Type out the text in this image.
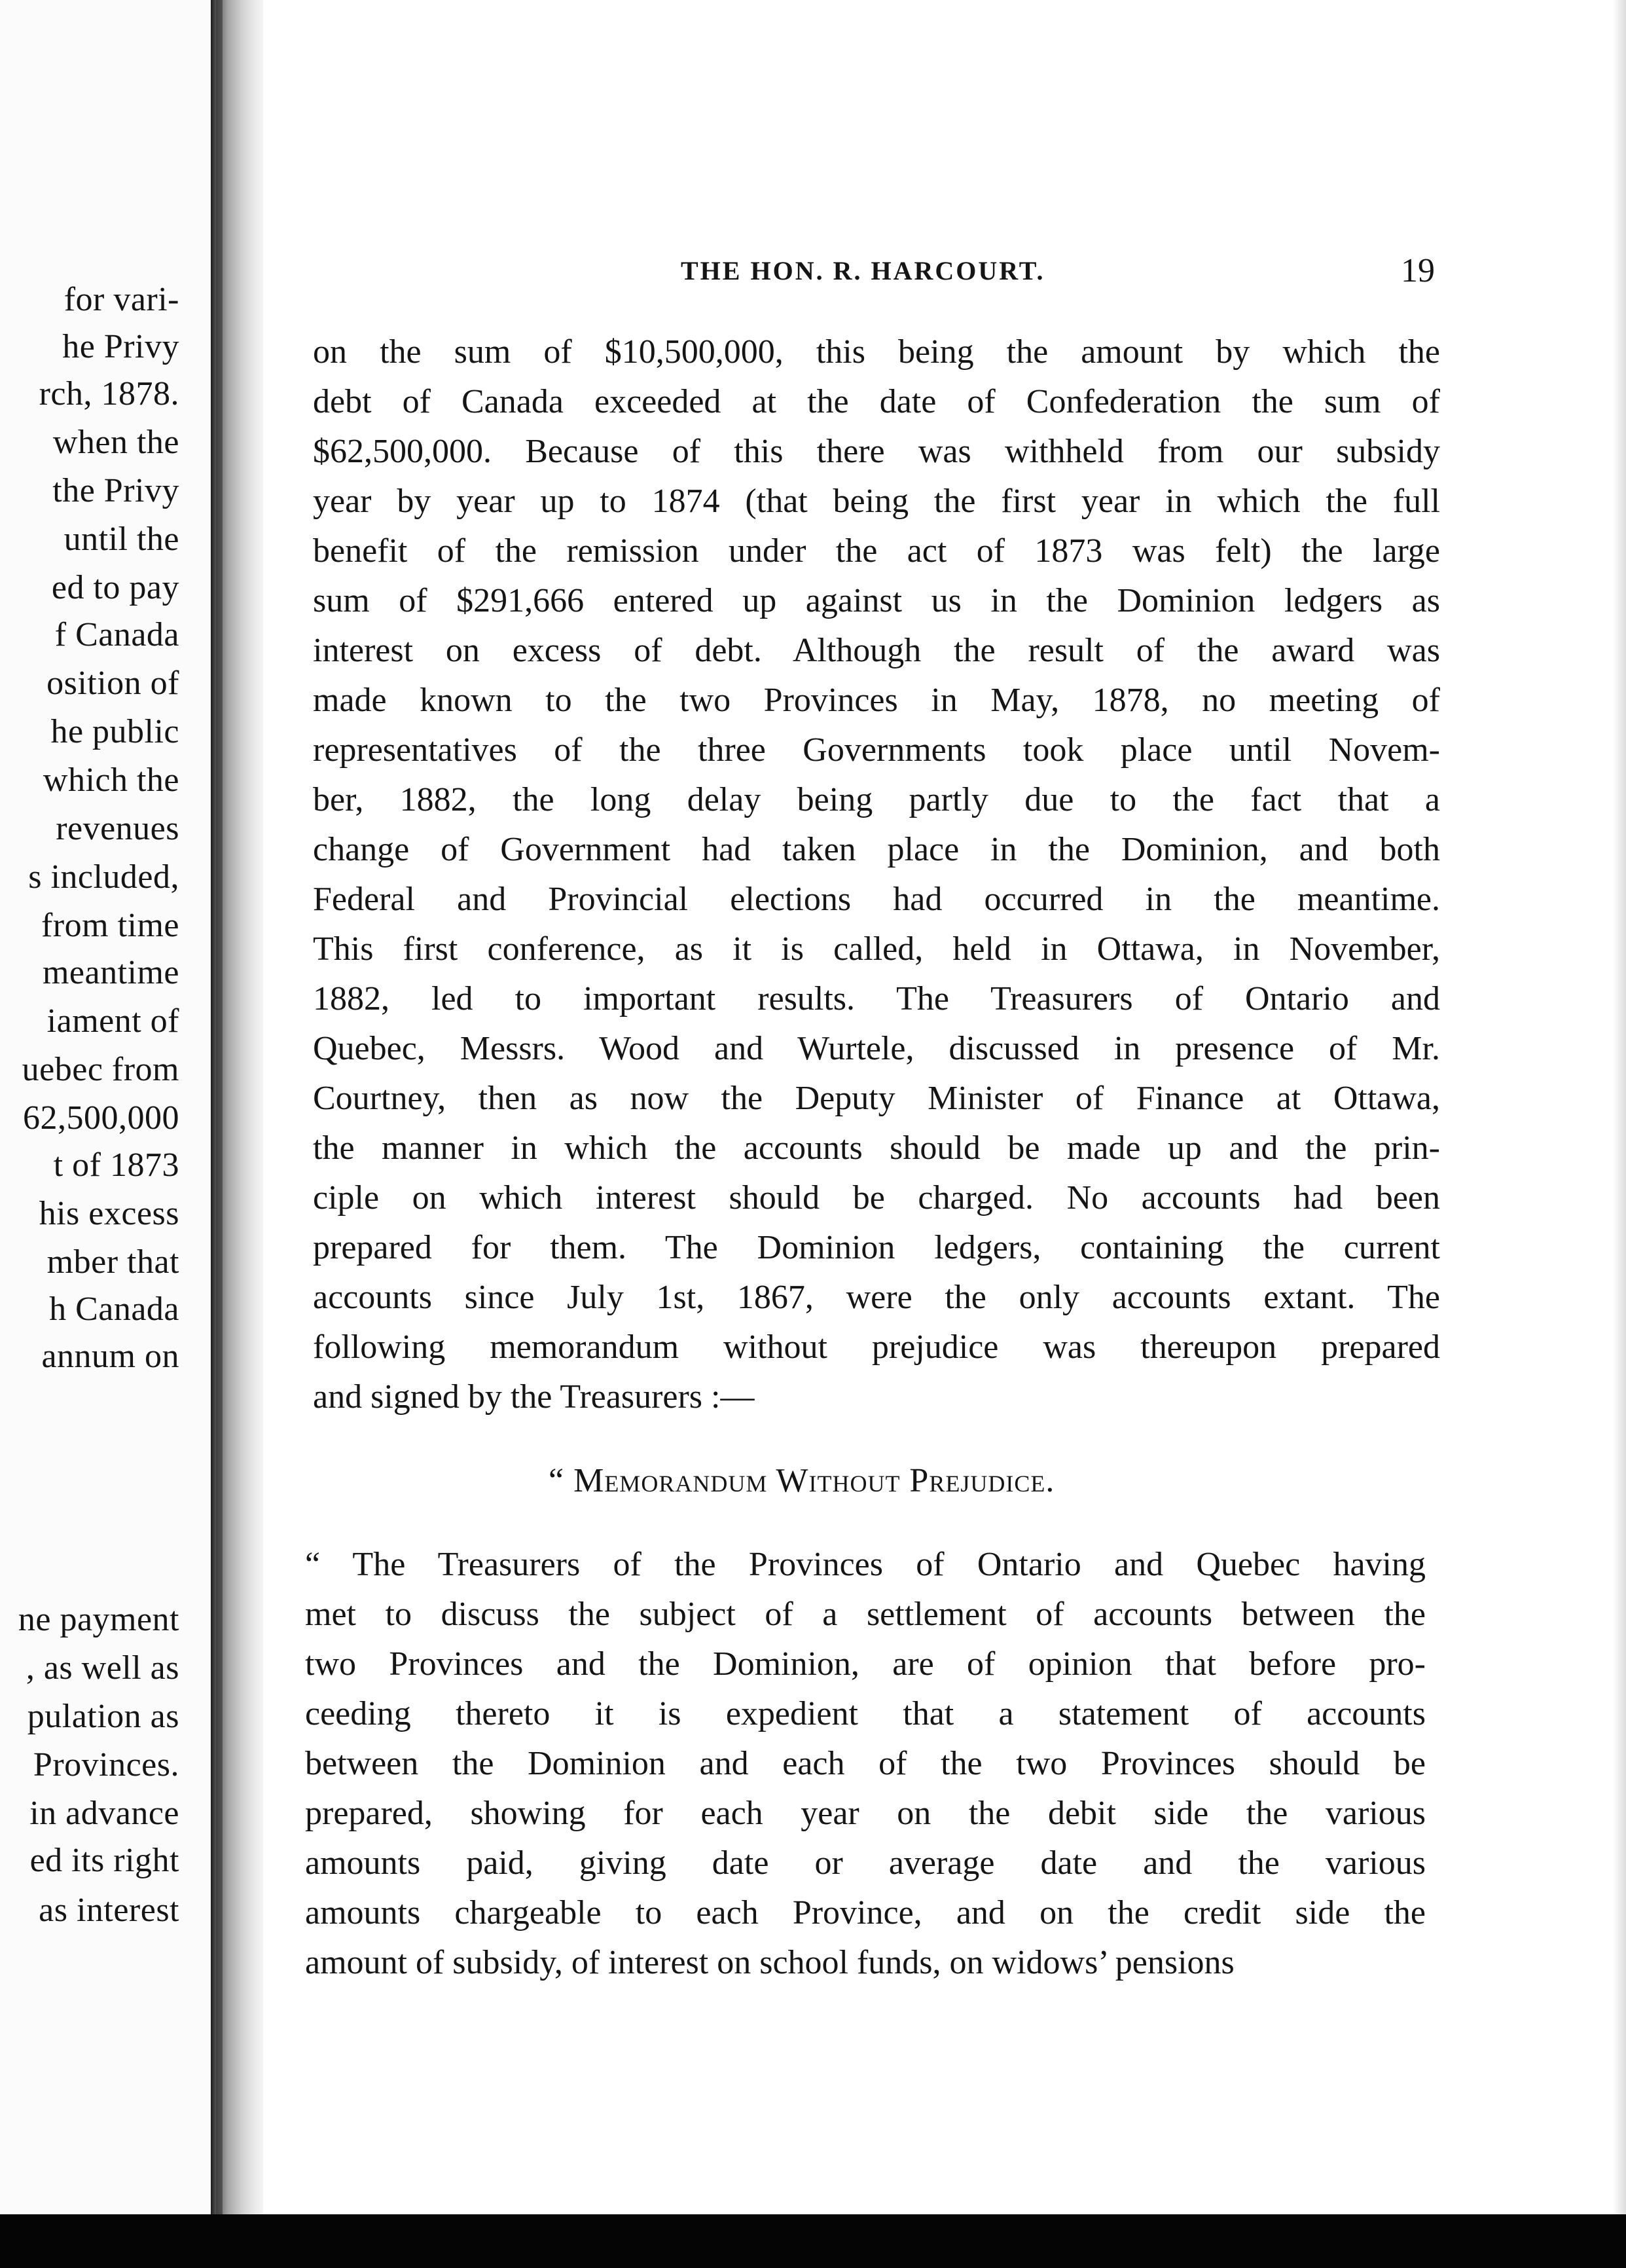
for vari-
he Privy
rch, 1878.
when the
the Privy
until the
ed to pay
f Canada
osition of
he public
which the
revenues
s included,
from time
meantime
iament of
uebec from
62,500,000
t of 1873
his excess
mber that
h Canada
annum on
ne payment
, as well as
pulation as
Provinces.
in advance
ed its right
as interest
THE HON. R. HARCOURT.	19
on the sum of $10,500,000, this being the amount by which the
debt of Canada exceeded at the date of Confederation the sum of
$62,500,000. Because of this there was withheld from our subsidy
year by year up to 1874 (that being the first year in which the full
benefit of the remission under the act of 1873 was felt) the large
sum of $291,666 entered up against us in the Dominion ledgers as
interest on excess of debt. Although the result of the award was
made known to the two Provinces in May, 1878, no meeting of
representatives of the three Governments took place until Novem-
ber, 1882, the long delay being partly due to the fact that a
change of Government had taken place in the Dominion, and both
Federal and Provincial elections had occurred in the meantime.
This first conference, as it is called, held in Ottawa, in November,
1882, led to important results. The Treasurers of Ontario and
Quebec, Messrs. Wood and Wurtele, discussed in presence of Mr.
Courtney, then as now the Deputy Minister of Finance at Ottawa,
the manner in which the accounts should be made up and the prin-
ciple on which interest should be charged. No accounts had been
prepared for them. The Dominion ledgers, containing the current
accounts since July 1st, 1867, were the only accounts extant. The
following memorandum without prejudice was thereupon prepared
and signed by the Treasurers :—
“ Memorandum Without Prejudice.
“ The Treasurers of the Provinces of Ontario and Quebec having
met to discuss the subject of a settlement of accounts between the
two Provinces and the Dominion, are of opinion that before pro-
ceeding thereto it is expedient that a statement of accounts
between the Dominion and each of the two Provinces should be
prepared, showing for each year on the debit side the various
amounts paid, giving date or average date and the various
amounts chargeable to each Province, and on the credit side the
amount of subsidy, of interest on school funds, on widows’ pensions
